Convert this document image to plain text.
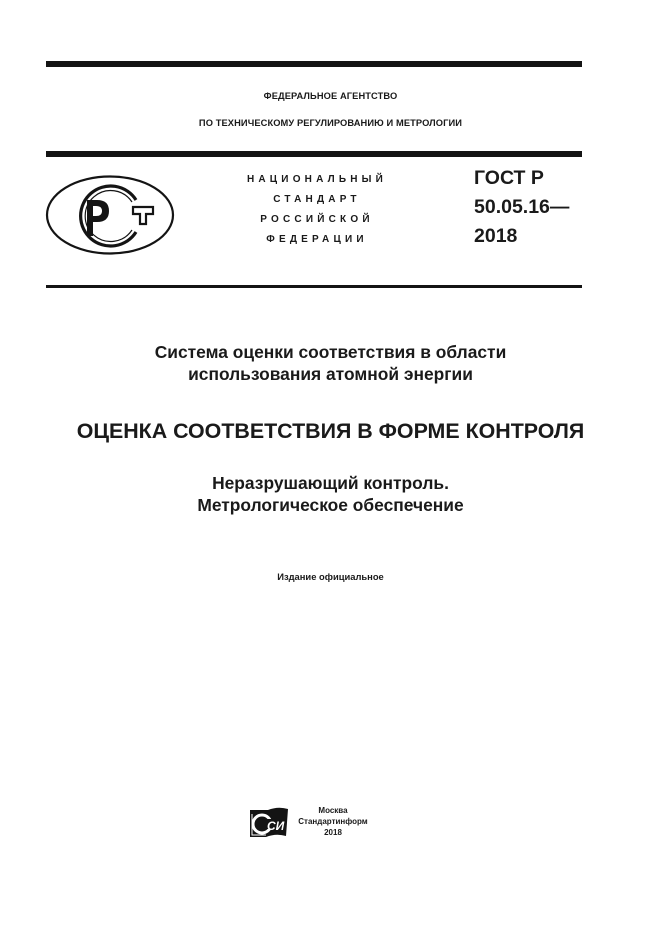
ФЕДЕРАЛЬНОЕ АГЕНТСТВО
ПО ТЕХНИЧЕСКОМУ РЕГУЛИРОВАНИЮ И МЕТРОЛОГИИ
НАЦИОНАЛЬНЫЙ
СТАНДАРТ
РОССИЙСКОЙ
ФЕДЕРАЦИИ
ГОСТ Р
50.05.16—
2018
Система оценки соответствия в области
использования атомной энергии
ОЦЕНКА СООТВЕТСТВИЯ В ФОРМЕ КОНТРОЛЯ
Неразрушающий контроль.
Метрологическое обеспечение
Издание официальное
СИ
Москва
Стандартинформ
2018
